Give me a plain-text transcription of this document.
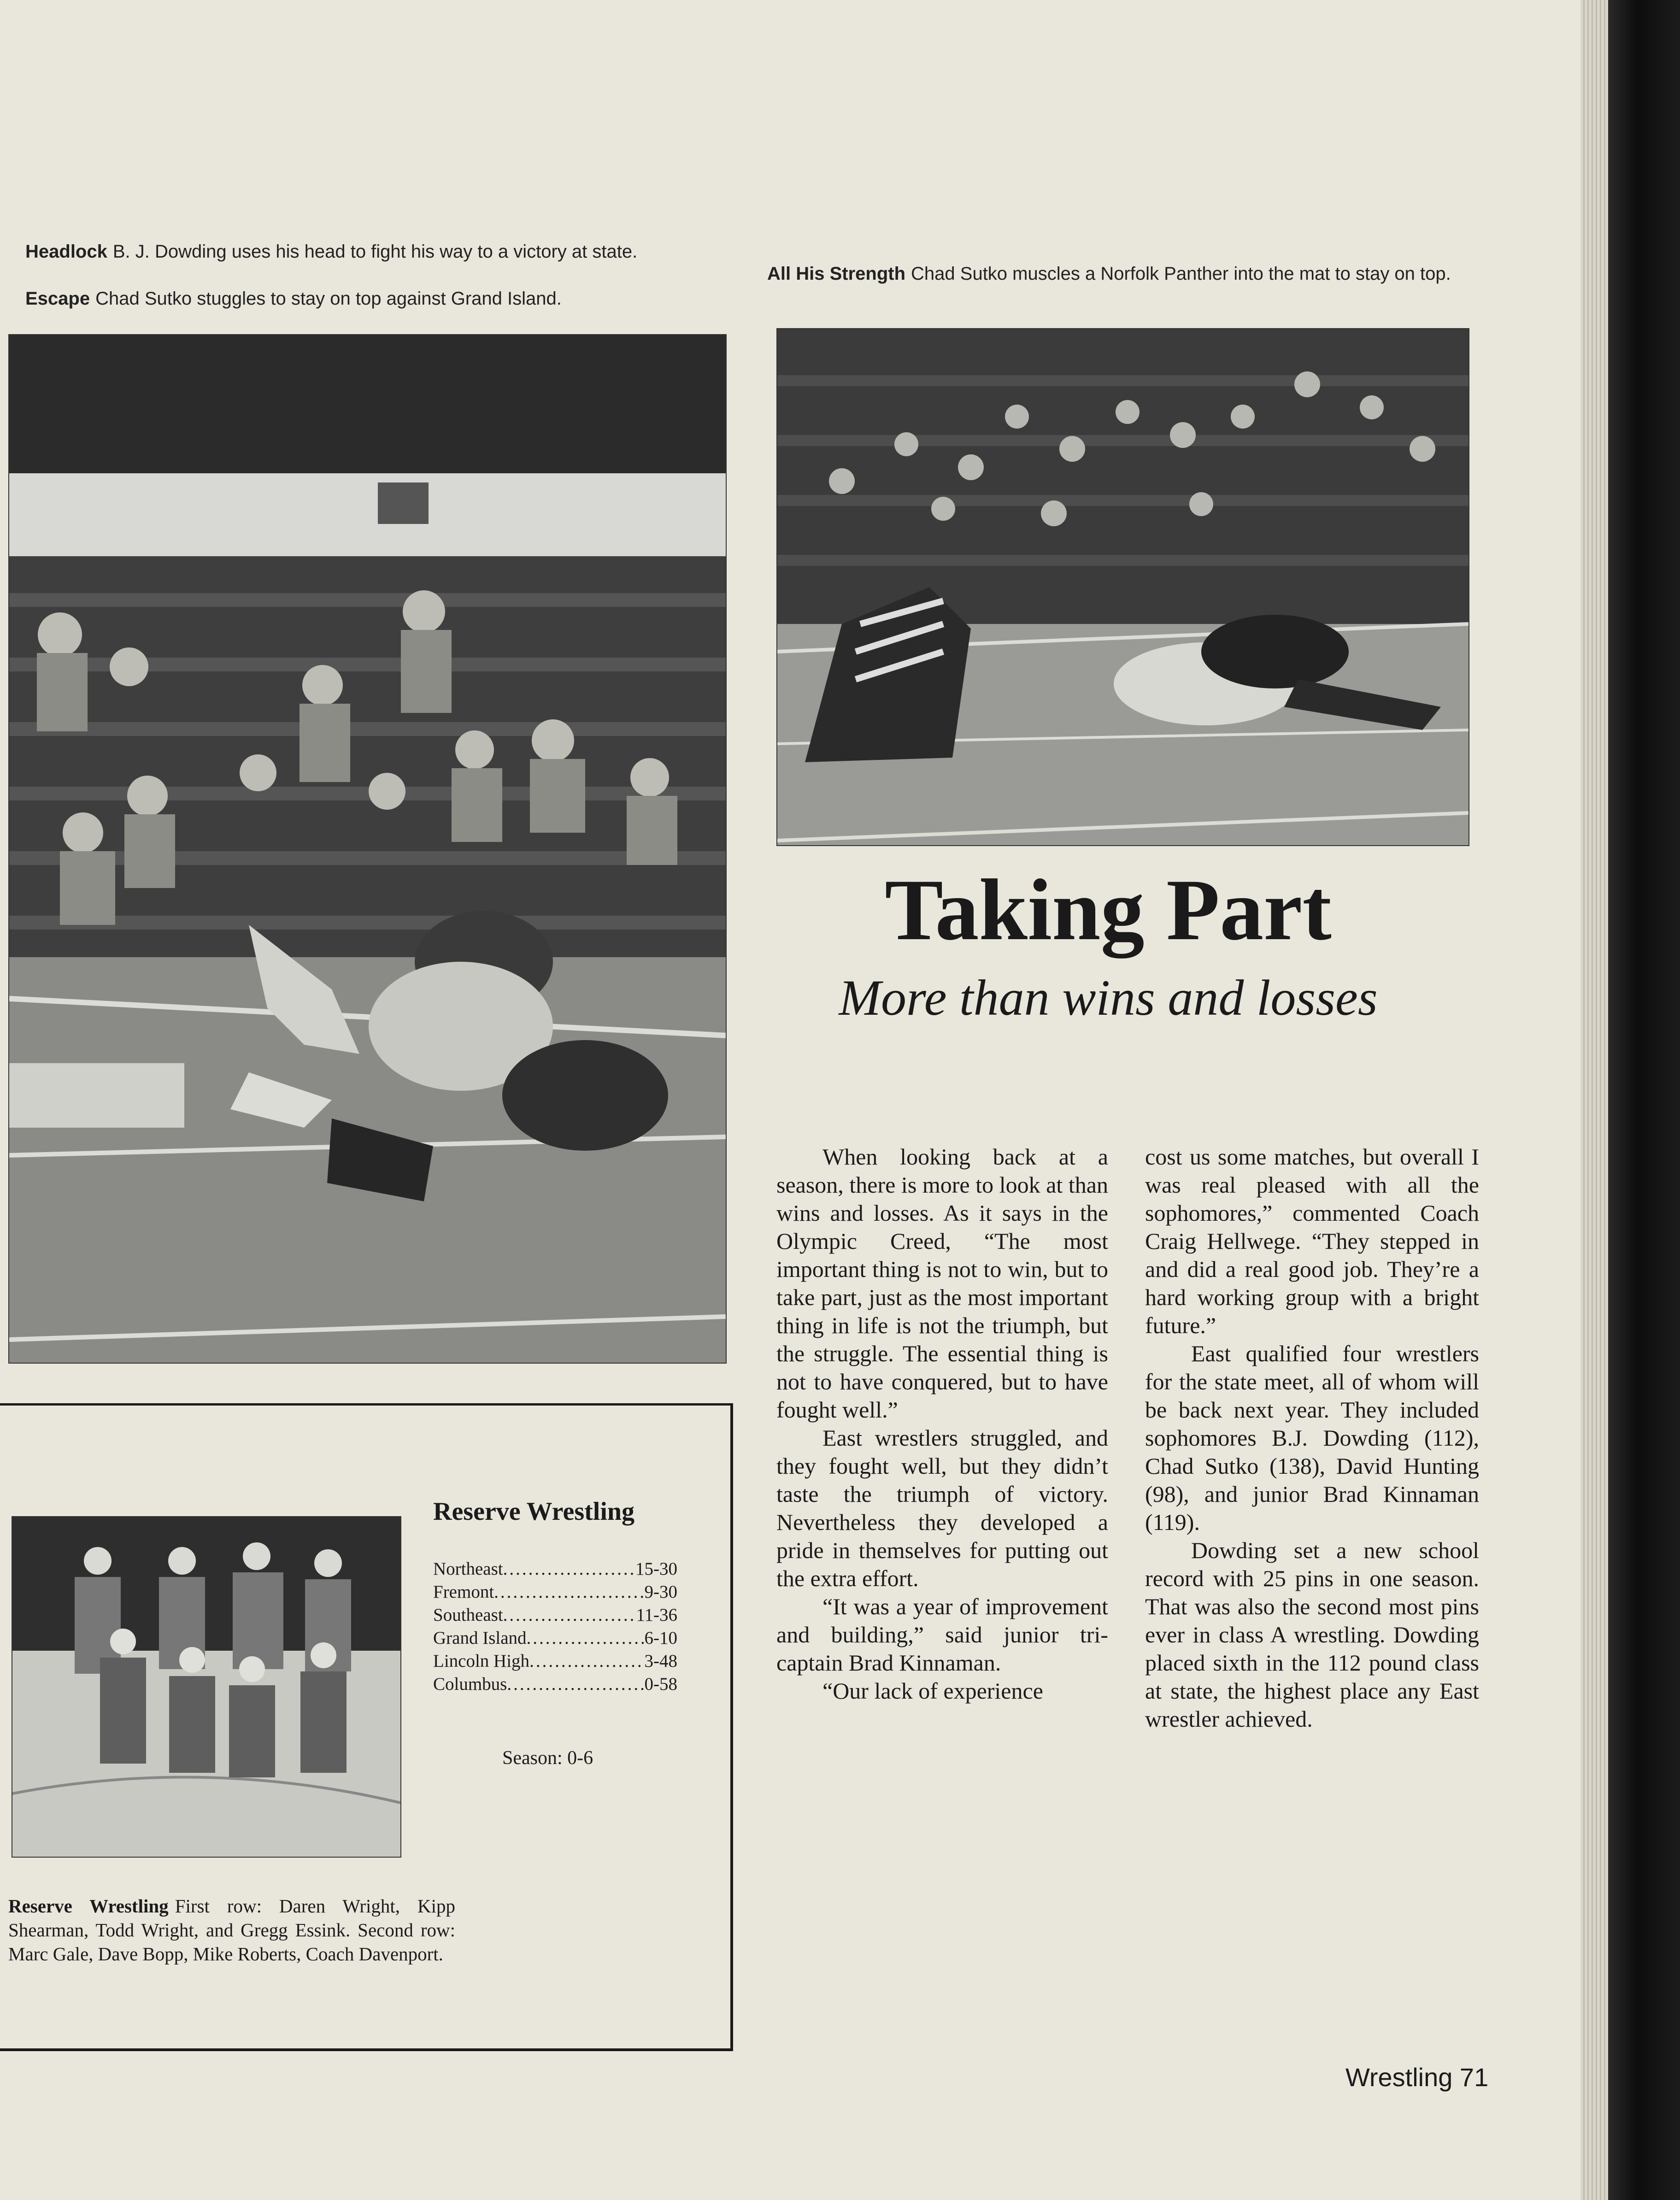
Headlock B. J. Dowding uses his head to fight his way to a victory at state.
Escape Chad Sutko stuggles to stay on top against Grand Island.
All His Strength Chad Sutko muscles a Norfolk Panther into the mat to stay on top.
Taking Part
More than wins and losses

When looking back at a season, there is more to look at than wins and losses. As it says in the Olympic Creed, “The most important thing is not to win, but to take part, just as the most important thing in life is not the triumph, but the struggle. The essential thing is not to have conquered, but to have fought well.”

East wrestlers struggled, and they fought well, but they didn’t taste the triumph of victory. Nevertheless they developed a pride in themselves for putting out the extra effort.

“It was a year of improvement and building,” said junior tri-captain Brad Kinnaman.

“Our lack of experience

cost us some matches, but overall I was real pleased with all the sophomores,” commented Coach Craig Hellwege. “They stepped in and did a real good job. They’re a hard working group with a bright future.”

East qualified four wrestlers for the state meet, all of whom will be back next year. They included sophomores B.J. Dowding (112), Chad Sutko (138), David Hunting (98), and junior Brad Kinnaman (119).

Dowding set a new school record with 25 pins in one season. That was also the second most pins ever in class A wrestling. Dowding placed sixth in the 112 pound class at state, the highest place any East wrestler achieved.

Reserve Wrestling
Northeast .....	15-30
Fremont .....	9-30
Southeast .....	11-36
Grand Island .....	6-10
Lincoln High .....	3-48
Columbus .....	0-58
Season: 0-6
Reserve Wrestling First row: Daren Wright, Kipp Shearman, Todd Wright, and Gregg Essink. Second row: Marc Gale, Dave Bopp, Mike Roberts, Coach Davenport.
Wrestling 71
